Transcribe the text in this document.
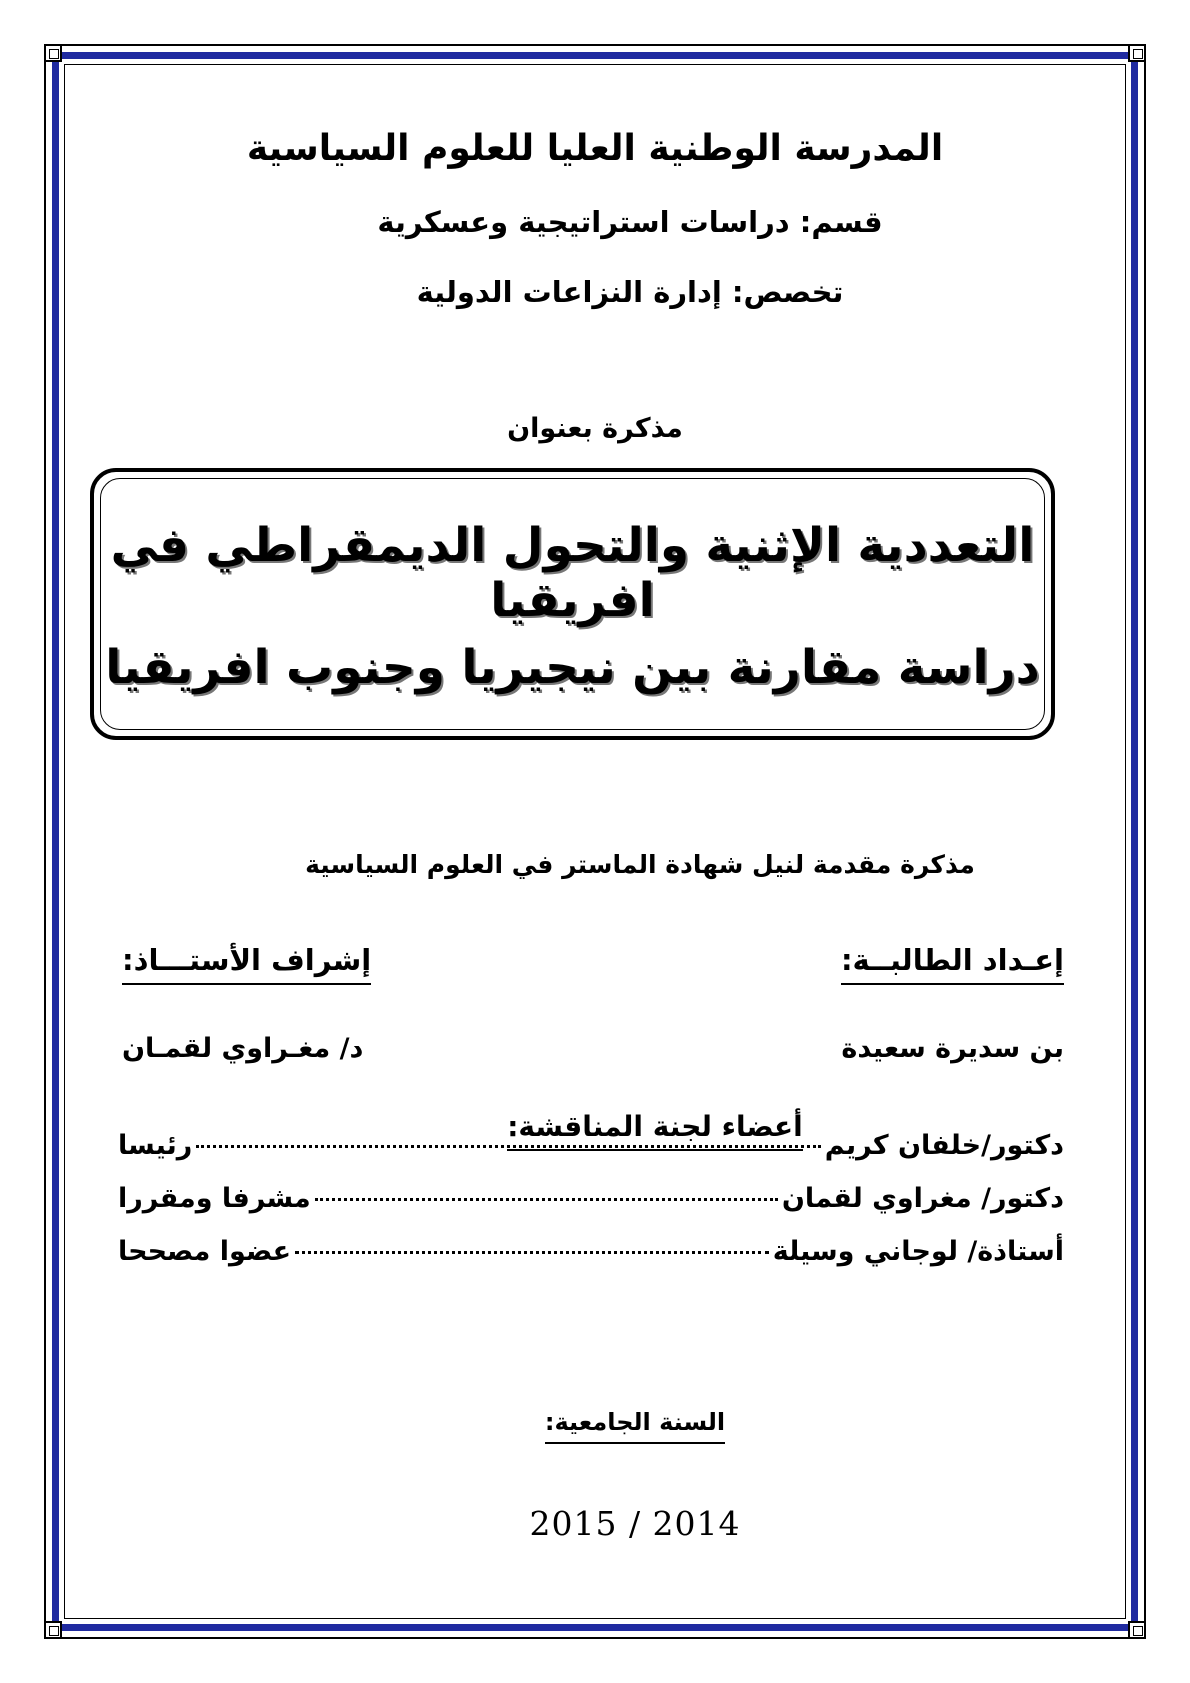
المدرسة الوطنية العليا للعلوم السياسية
قسم: دراسات استراتيجية وعسكرية
تخصص: إدارة النزاعات الدولية
مذكرة بعنوان
التعددية الإثنية والتحول الديمقراطي في افريقيا
دراسة مقارنة بين نيجيريا وجنوب افريقيا
مذكرة مقدمة لنيل شهادة الماستر في العلوم السياسية
إعـداد الطالبــة:
إشراف الأستـــاذ:
بن سديرة سعيدة
د/ مغـراوي لقمـان
أعضاء لجنة المناقشة:
دكتور/خلفان كريم
رئيسا
دكتور/ مغراوي لقمان
مشرفا ومقررا
أستاذة/ لوجاني وسيلة
عضوا مصححا
السنة الجامعية:
2015 / 2014
